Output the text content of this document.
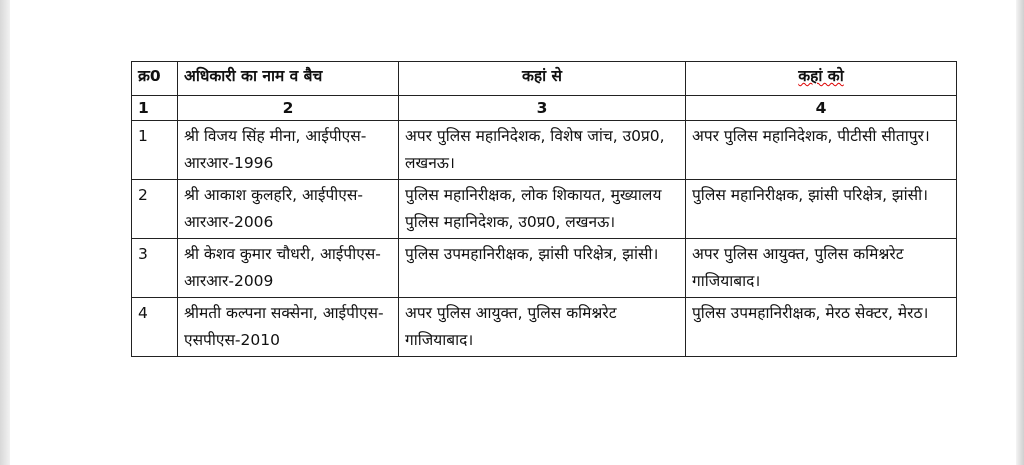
क्र0	अधिकारी का नाम व बैच	कहां से	कहां को
1	2	3	4
1	श्री विजय सिंह मीना, आईपीएस-आरआर-1996	अपर पुलिस महानिदेशक, विशेष जांच, उ0प्र0, लखनऊ।	अपर पुलिस महानिदेशक, पीटीसी सीतापुर।
2	श्री आकाश कुलहरि, आईपीएस-आरआर-2006	पुलिस महानिरीक्षक, लोक शिकायत, मुख्यालय पुलिस महानिदेशक, उ0प्र0, लखनऊ।	पुलिस महानिरीक्षक, झांसी परिक्षेत्र, झांसी।
3	श्री केशव कुमार चौधरी, आईपीएस-आरआर-2009	पुलिस उपमहानिरीक्षक, झांसी परिक्षेत्र, झांसी।	अपर पुलिस आयुक्त, पुलिस कमिश्नरेट गाजियाबाद।
4	श्रीमती कल्पना सक्सेना, आईपीएस-एसपीएस-2010	अपर पुलिस आयुक्त, पुलिस कमिश्नरेट गाजियाबाद।	पुलिस उपमहानिरीक्षक, मेरठ सेक्टर, मेरठ।
